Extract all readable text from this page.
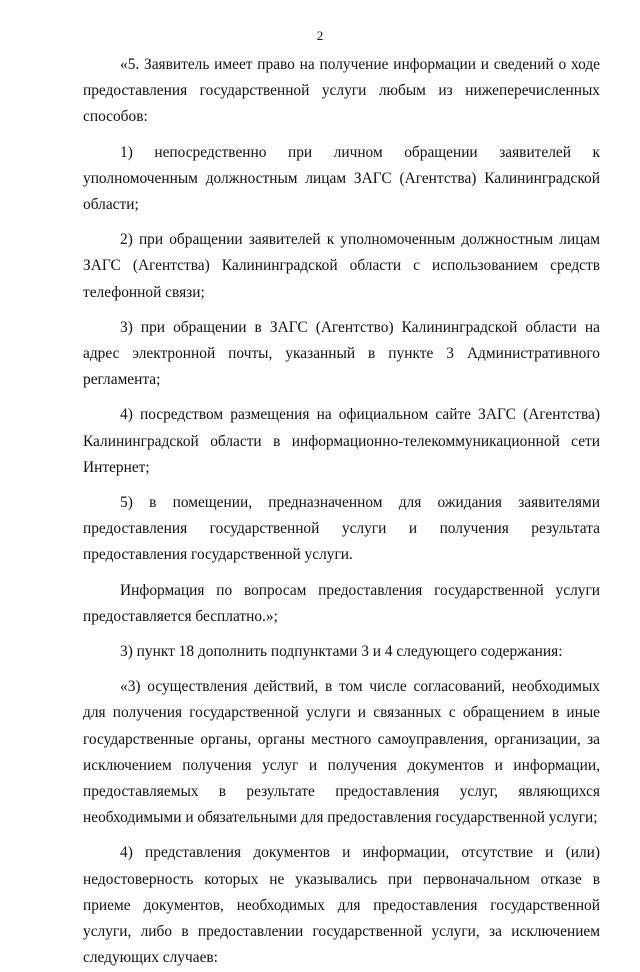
2

«5. Заявитель имеет право на получение информации и сведений о ходе предоставления государственной услуги любым из нижеперечисленных способов:

1) непосредственно при личном обращении заявителей к уполномоченным должностным лицам ЗАГС (Агентства) Калининградской области;

2) при обращении заявителей к уполномоченным должностным лицам ЗАГС (Агентства) Калининградской области с использованием средств телефонной связи;

3) при обращении в ЗАГС (Агентство) Калининградской области на адрес электронной почты, указанный в пункте 3 Административного регламента;

4) посредством размещения на официальном сайте ЗАГС (Агентства) Калининградской области в информационно-телекоммуникационной сети Интернет;

5) в помещении, предназначенном для ожидания заявителями предоставления государственной услуги и получения результата предоставления государственной услуги.

Информация по вопросам предоставления государственной услуги предоставляется бесплатно.»;

3) пункт 18 дополнить подпунктами 3 и 4 следующего содержания:

«3) осуществления действий, в том числе согласований, необходимых для получения государственной услуги и связанных с обращением в иные государственные органы, органы местного самоуправления, организации, за исключением получения услуг и получения документов и информации, предоставляемых в результате предоставления услуг, являющихся необходимыми и обязательными для предоставления государственной услуги;

4) представления документов и информации, отсутствие и (или) недостоверность которых не указывались при первоначальном отказе в приеме документов, необходимых для предоставления государственной услуги, либо в предоставлении государственной услуги, за исключением следующих случаев:
